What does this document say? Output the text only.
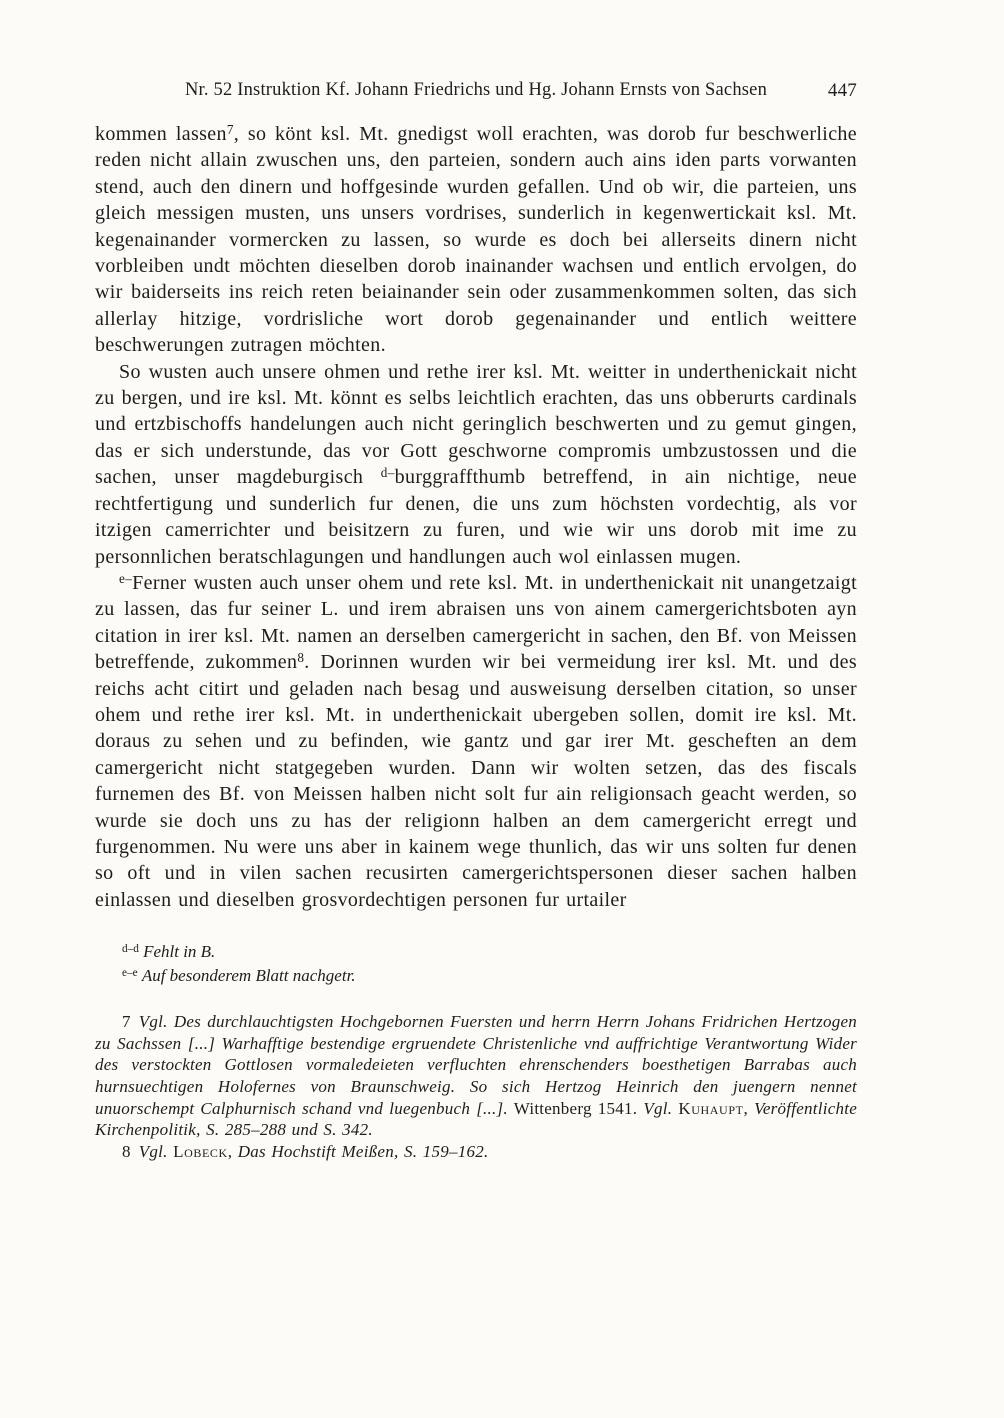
Nr. 52 Instruktion Kf. Johann Friedrichs und Hg. Johann Ernsts von Sachsen	447

kommen lassen$^7$, so könt ksl. Mt. gnedigst woll erachten, was dorob fur beschwerliche reden nicht allain zwuschen uns, den parteien, sondern auch ains iden parts vorwanten stend, auch den dinern und hoffgesinde wurden gefallen. Und ob wir, die parteien, uns gleich messigen musten, uns unsers vordrises, sunderlich in kegenwertickait ksl. Mt. kegenainander vormercken zu lassen, so wurde es doch bei allerseits dinern nicht vorbleiben undt möchten dieselben dorob inainander wachsen und entlich ervolgen, do wir baiderseits ins reich reten beiainander sein oder zusammenkommen solten, das sich allerlay hitzige, vordrisliche wort dorob gegenainander und entlich weittere beschwerungen zutragen möchten.

So wusten auch unsere ohmen und rethe irer ksl. Mt. weitter in underthenickait nicht zu bergen, und ire ksl. Mt. könnt es selbs leichtlich erachten, das uns obberurts cardinals und ertzbischoffs handelungen auch nicht geringlich beschwerten und zu gemut gingen, das er sich understunde, das vor Gott geschworne compromis umbzustossen und die sachen, unser magdeburgisch $^{d-}$burggraffthumb betreffend, in ain nichtige, neue rechtfertigung und sunderlich fur denen, die uns zum höchsten vordechtig, als vor itzigen camerrichter und beisitzern zu furen, und wie wir uns dorob mit ime zu personnlichen beratschlagungen und handlungen auch wol einlassen mugen.

$^{e-}$Ferner wusten auch unser ohem und rete ksl. Mt. in underthenickait nit unangetzaigt zu lassen, das fur seiner L. und irem abraisen uns von ainem camergerichtsboten ayn citation in irer ksl. Mt. namen an derselben camergericht in sachen, den Bf. von Meissen betreffende, zukommen$^8$. Dorinnen wurden wir bei vermeidung irer ksl. Mt. und des reichs acht citirt und geladen nach besag und ausweisung derselben citation, so unser ohem und rethe irer ksl. Mt. in underthenickait ubergeben sollen, domit ire ksl. Mt. doraus zu sehen und zu befinden, wie gantz und gar irer Mt. gescheften an dem camergericht nicht statgegeben wurden. Dann wir wolten setzen, das des fiscals furnemen des Bf. von Meissen halben nicht solt fur ain religionsach geacht werden, so wurde sie doch uns zu has der religionn halben an dem camergericht erregt und furgenommen. Nu were uns aber in kainem wege thunlich, das wir uns solten fur denen so oft und in vilen sachen recusirten camergerichtspersonen dieser sachen halben einlassen und dieselben grosvordechtigen personen fur urtailer

$^{d-d}$ Fehlt in B.

$^{e-e}$ Auf besonderem Blatt nachgetr.

7 Vgl. Des durchlauchtigsten Hochgebornen Fuersten und herrn Herrn Johans Fridrichen Hertzogen zu Sachssen [...] Warhafftige bestendige ergruendete Christenliche vnd auffrichtige Verantwortung Wider des verstockten Gottlosen vormaledeieten verfluchten ehrenschenders boesthetigen Barrabas auch hurnsuechtigen Holofernes von Braunschweig. So sich Hertzog Heinrich den juengern nennet unuorschempt Calphurnisch schand vnd luegenbuch [...]. Wittenberg 1541. Vgl. Kuhaupt, Veröffentlichte Kirchenpolitik, S. 285–288 und S. 342.

8 Vgl. Lobeck, Das Hochstift Meißen, S. 159–162.
